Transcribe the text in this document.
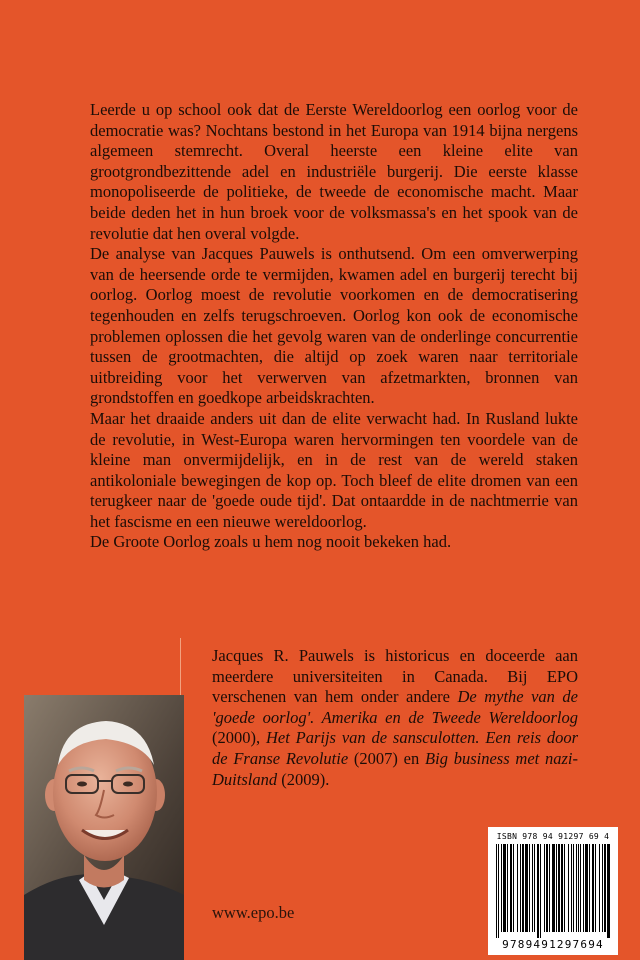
Leerde u op school ook dat de Eerste Wereldoorlog een oorlog voor de democratie was? Nochtans bestond in het Europa van 1914 bijna nergens algemeen stemrecht. Overal heerste een kleine elite van grootgrondbezittende adel en industriële burgerij. Die eerste klasse monopoliseerde de politieke, de tweede de economische macht. Maar beide deden het in hun broek voor de volksmassa's en het spook van de revolutie dat hen overal volgde.

De analyse van Jacques Pauwels is onthutsend. Om een omverwerping van de heersende orde te vermijden, kwamen adel en burgerij terecht bij oorlog. Oorlog moest de revolutie voorkomen en de democratisering tegenhouden en zelfs terugschroeven. Oorlog kon ook de economische problemen oplossen die het gevolg waren van de onderlinge concurrentie tussen de grootmachten, die altijd op zoek waren naar territoriale uitbreiding voor het verwerven van afzetmarkten, bronnen van grondstoffen en goedkope arbeidskrachten.

Maar het draaide anders uit dan de elite verwacht had. In Rusland lukte de revolutie, in West-Europa waren hervormingen ten voordele van de kleine man onvermijdelijk, en in de rest van de wereld staken antikoloniale bewegingen de kop op. Toch bleef de elite dromen van een terugkeer naar de 'goede oude tijd'. Dat ontaardde in de nachtmerrie van het fascisme en een nieuwe wereldoorlog.

De Groote Oorlog zoals u hem nog nooit bekeken had.

Jacques R. Pauwels is historicus en doceerde aan meerdere universiteiten in Canada. Bij EPO verschenen van hem onder andere De mythe van de 'goede oorlog'. Amerika en de Tweede Wereldoorlog (2000), Het Parijs van de sansculotten. Een reis door de Franse Revolutie (2007) en Big business met nazi-Duitsland (2009).
www.epo.be
ISBN 978 94 91297 69 4
9789491297694
